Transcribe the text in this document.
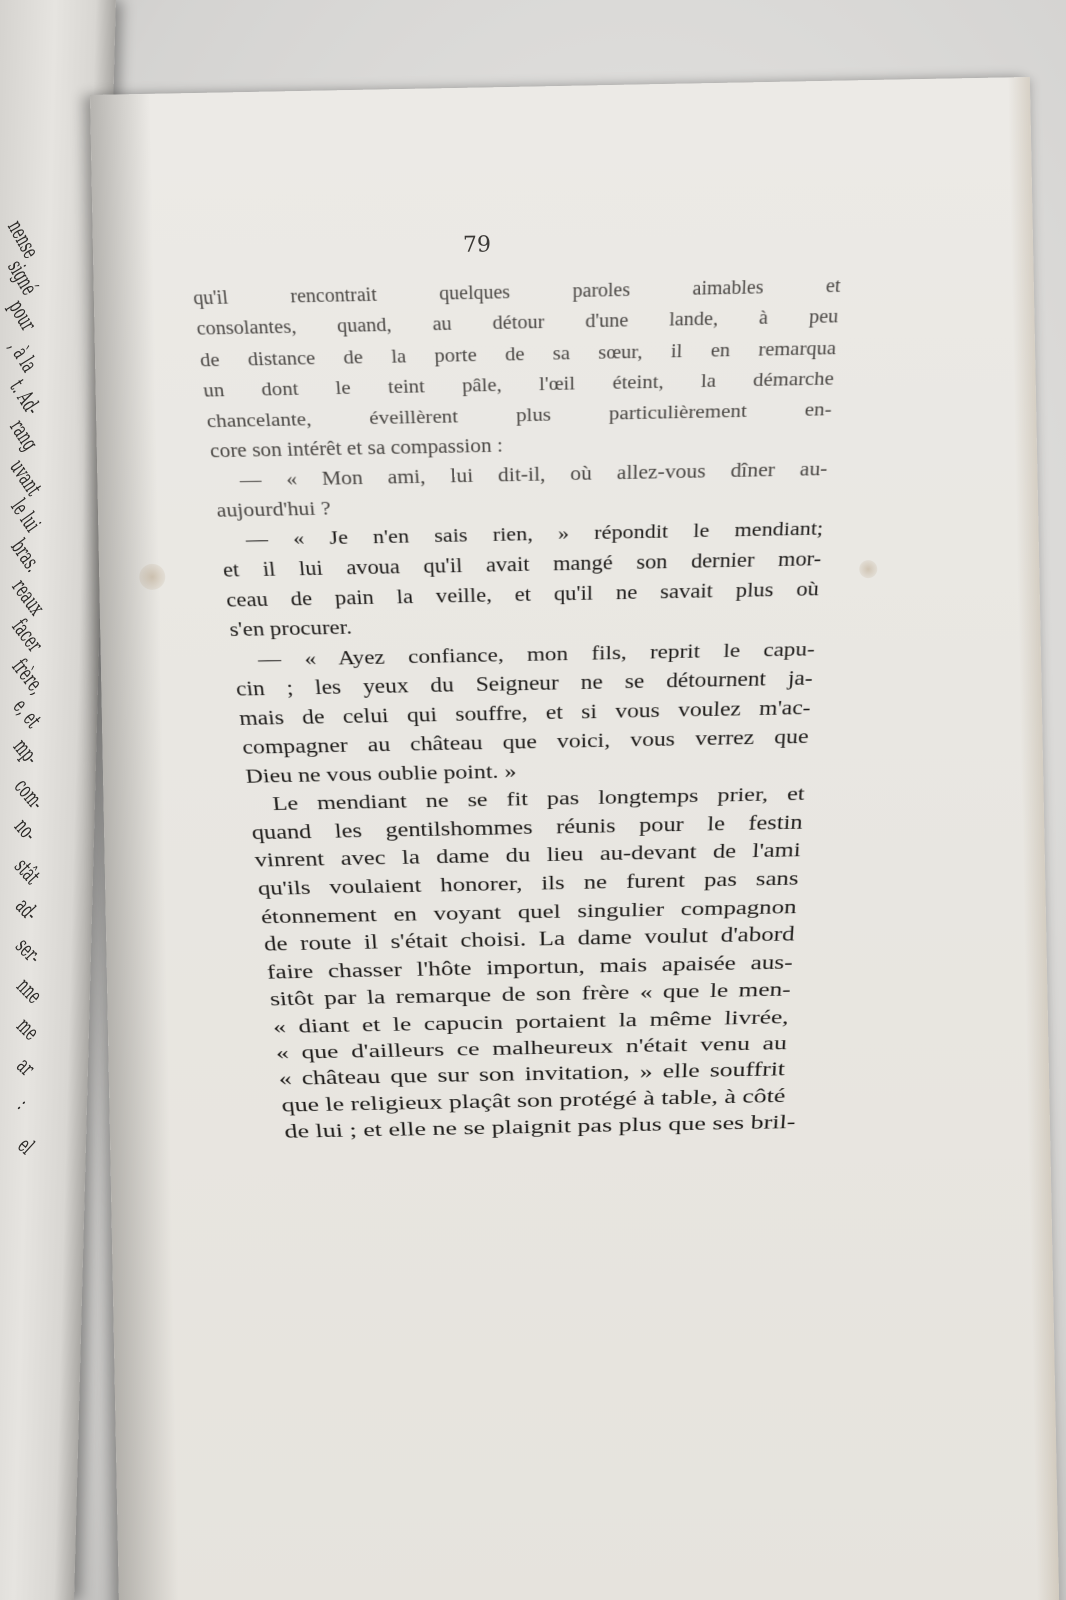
nense
signé
pour
, à la
t. Ad-
rang
uvant
le lui
bras.
reaux
facer
frère,
e, et
mp-
com-
no-
stât
ad-
ser-
nne
me
ar
:
el
79
qu'il rencontrait quelques paroles aimables et
consolantes, quand, au détour d'une lande, à peu
de distance de la porte de sa sœur, il en remarqua
un dont le teint pâle, l'œil éteint, la démarche
chancelante, éveillèrent plus particulièrement en-
core son intérêt et sa compassion :
— « Mon ami, lui dit-il, où allez-vous dîner au-
aujourd'hui ?
— « Je n'en sais rien, » répondit le mendiant;
et il lui avoua qu'il avait mangé son dernier mor-
ceau de pain la veille, et qu'il ne savait plus où
s'en procurer.
— « Ayez confiance, mon fils, reprit le capu-
cin ; les yeux du Seigneur ne se détournent ja-
mais de celui qui souffre, et si vous voulez m'ac-
compagner au château que voici, vous verrez que
Dieu ne vous oublie point. »
Le mendiant ne se fit pas longtemps prier, et
quand les gentilshommes réunis pour le festin
vinrent avec la dame du lieu au-devant de l'ami
qu'ils voulaient honorer, ils ne furent pas sans
étonnement en voyant quel singulier compagnon
de route il s'était choisi. La dame voulut d'abord
faire chasser l'hôte importun, mais apaisée aus-
sitôt par la remarque de son frère « que le men-
« diant et le capucin portaient la même livrée,
« que d'ailleurs ce malheureux n'était venu au
« château que sur son invitation, » elle souffrit
que le religieux plaçât son protégé à table, à côté
de lui ; et elle ne se plaignit pas plus que ses bril-
